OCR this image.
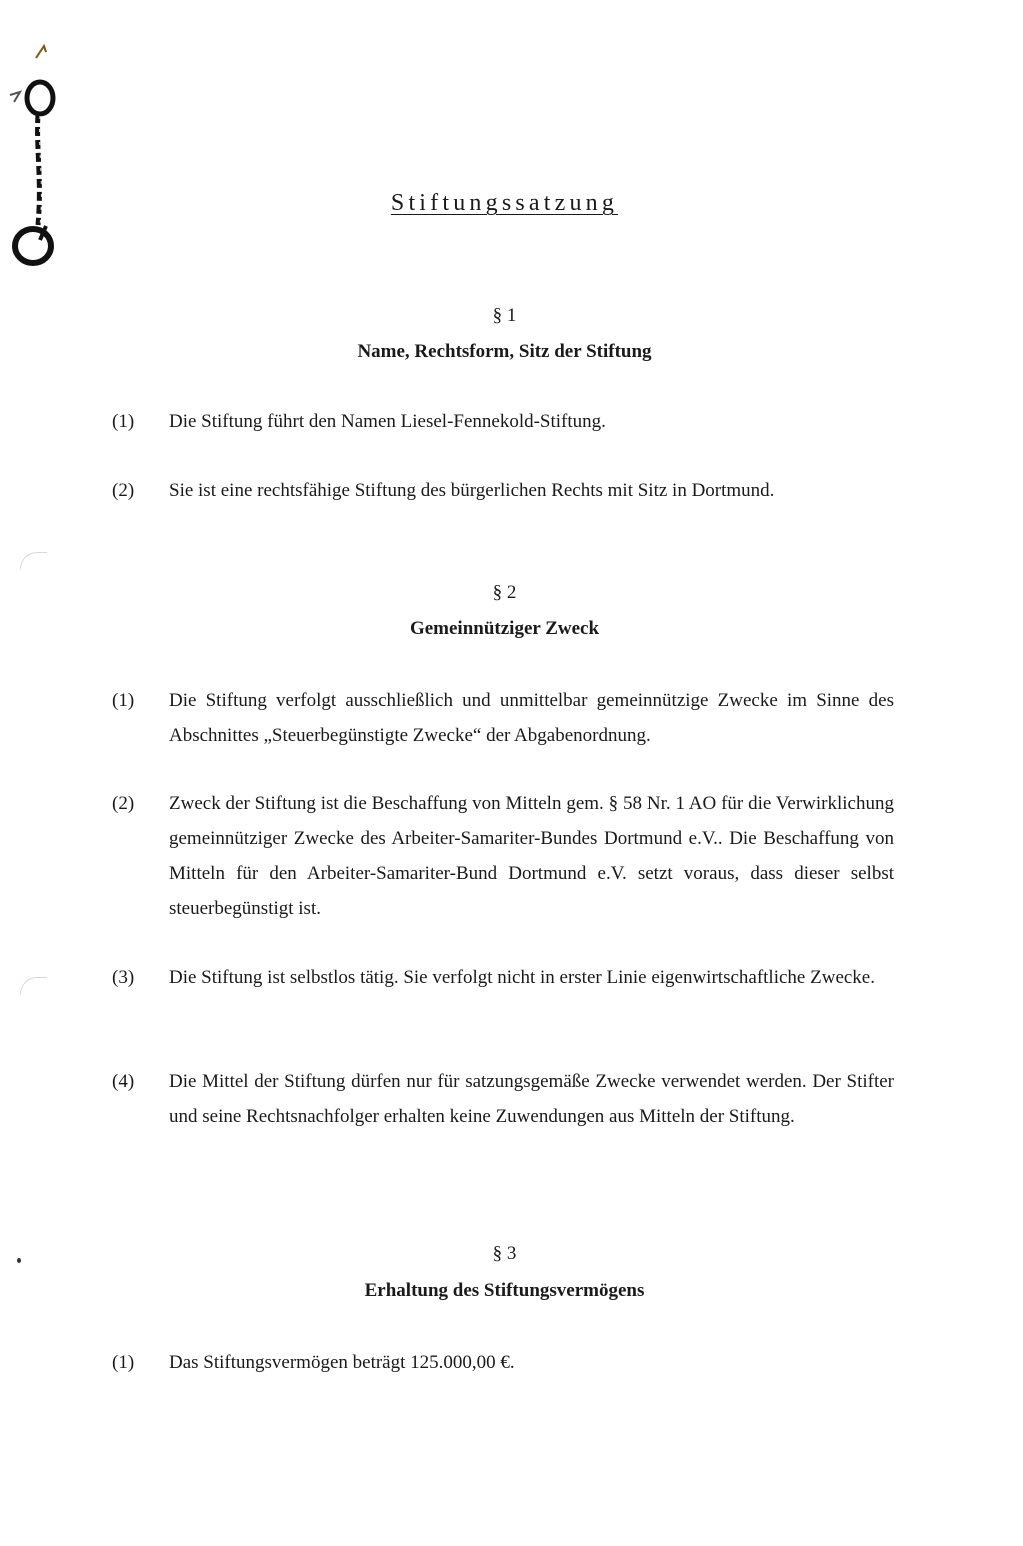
Stiftungssatzung
§ 1
Name, Rechtsform, Sitz der Stiftung
(1)	Die Stiftung führt den Namen Liesel-Fennekold-Stiftung.
(2)	Sie ist eine rechtsfähige Stiftung des bürgerlichen Rechts mit Sitz in Dortmund.
§ 2
Gemeinnütziger Zweck
(1)	Die Stiftung verfolgt ausschließlich und unmittelbar gemeinnützige Zwecke im Sinne des Abschnittes „Steuerbegünstigte Zwecke“ der Abgabenordnung.
(2)	Zweck der Stiftung ist die Beschaffung von Mitteln gem. § 58 Nr. 1 AO für die Verwirklichung gemeinnütziger Zwecke des Arbeiter-Samariter-Bundes Dortmund e.V.. Die Beschaffung von Mitteln für den Arbeiter-Samariter-Bund Dortmund e.V. setzt voraus, dass dieser selbst steuerbegünstigt ist.
(3)	Die Stiftung ist selbstlos tätig. Sie verfolgt nicht in erster Linie eigenwirtschaftliche Zwecke.
(4)	Die Mittel der Stiftung dürfen nur für satzungsgemäße Zwecke verwendet werden. Der Stifter und seine Rechtsnachfolger erhalten keine Zuwendungen aus Mitteln der Stiftung.
§ 3
Erhaltung des Stiftungsvermögens
(1)	Das Stiftungsvermögen beträgt 125.000,00 €.
